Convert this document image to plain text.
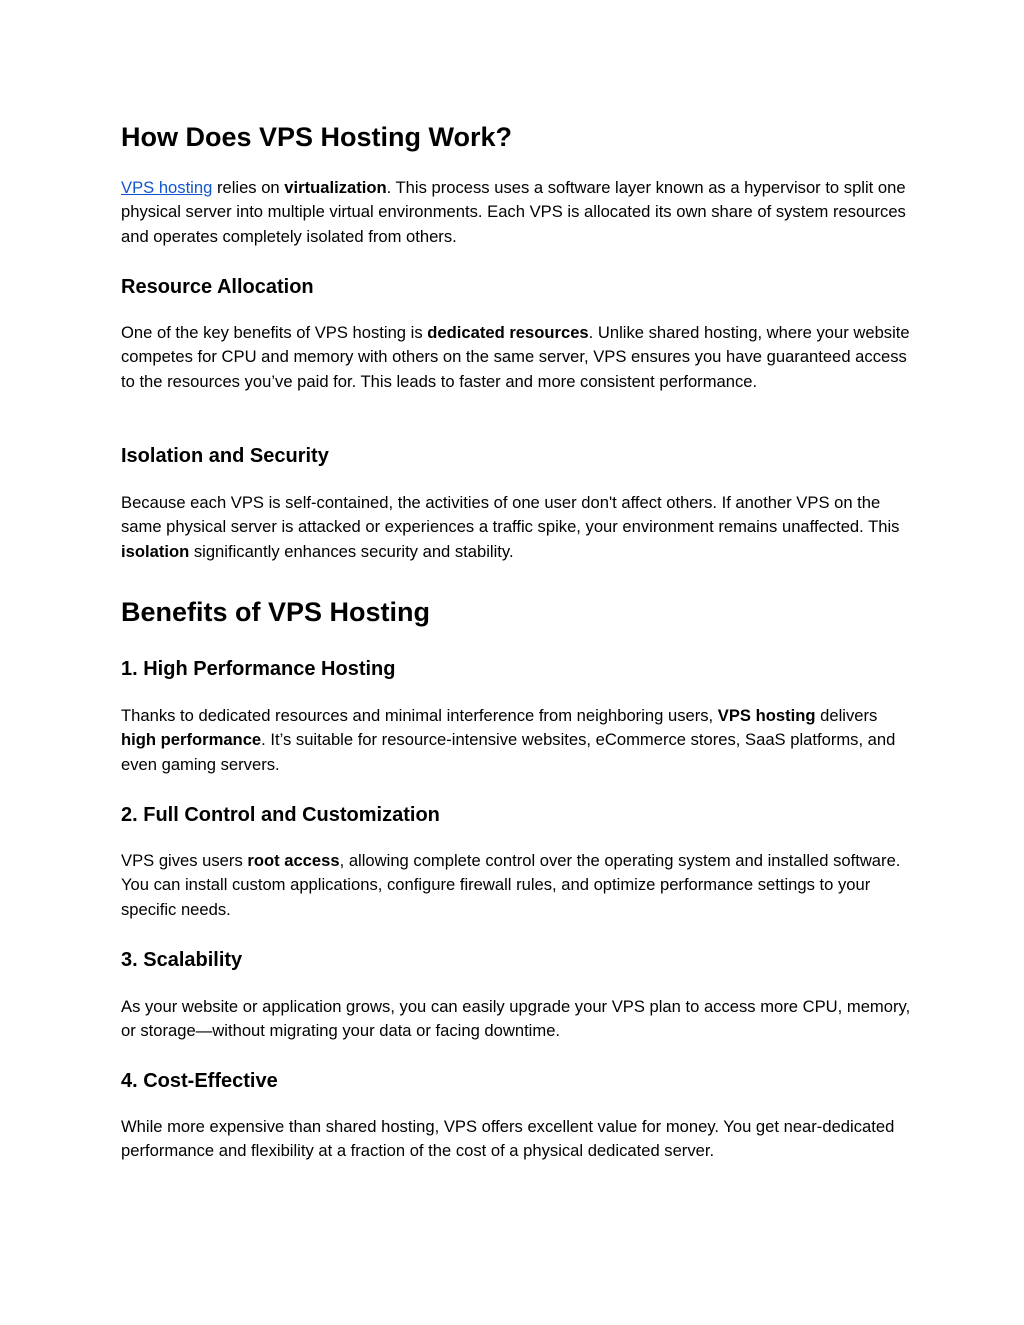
How Does VPS Hosting Work?

VPS hosting relies on virtualization. This process uses a software layer known as a hypervisor to split one physical server into multiple virtual environments. Each VPS is allocated its own share of system resources and operates completely isolated from others.

Resource Allocation

One of the key benefits of VPS hosting is dedicated resources. Unlike shared hosting, where your website competes for CPU and memory with others on the same server, VPS ensures you have guaranteed access to the resources you’ve paid for. This leads to faster and more consistent performance.

Isolation and Security

Because each VPS is self-contained, the activities of one user don't affect others. If another VPS on the same physical server is attacked or experiences a traffic spike, your environment remains unaffected. This isolation significantly enhances security and stability.

Benefits of VPS Hosting
1. High Performance Hosting

Thanks to dedicated resources and minimal interference from neighboring users, VPS hosting delivers high performance. It’s suitable for resource-intensive websites, eCommerce stores, SaaS platforms, and even gaming servers.

2. Full Control and Customization

VPS gives users root access, allowing complete control over the operating system and installed software. You can install custom applications, configure firewall rules, and optimize performance settings to your specific needs.

3. Scalability

As your website or application grows, you can easily upgrade your VPS plan to access more CPU, memory, or storage—without migrating your data or facing downtime.

4. Cost-Effective

While more expensive than shared hosting, VPS offers excellent value for money. You get near-dedicated performance and flexibility at a fraction of the cost of a physical dedicated server.
